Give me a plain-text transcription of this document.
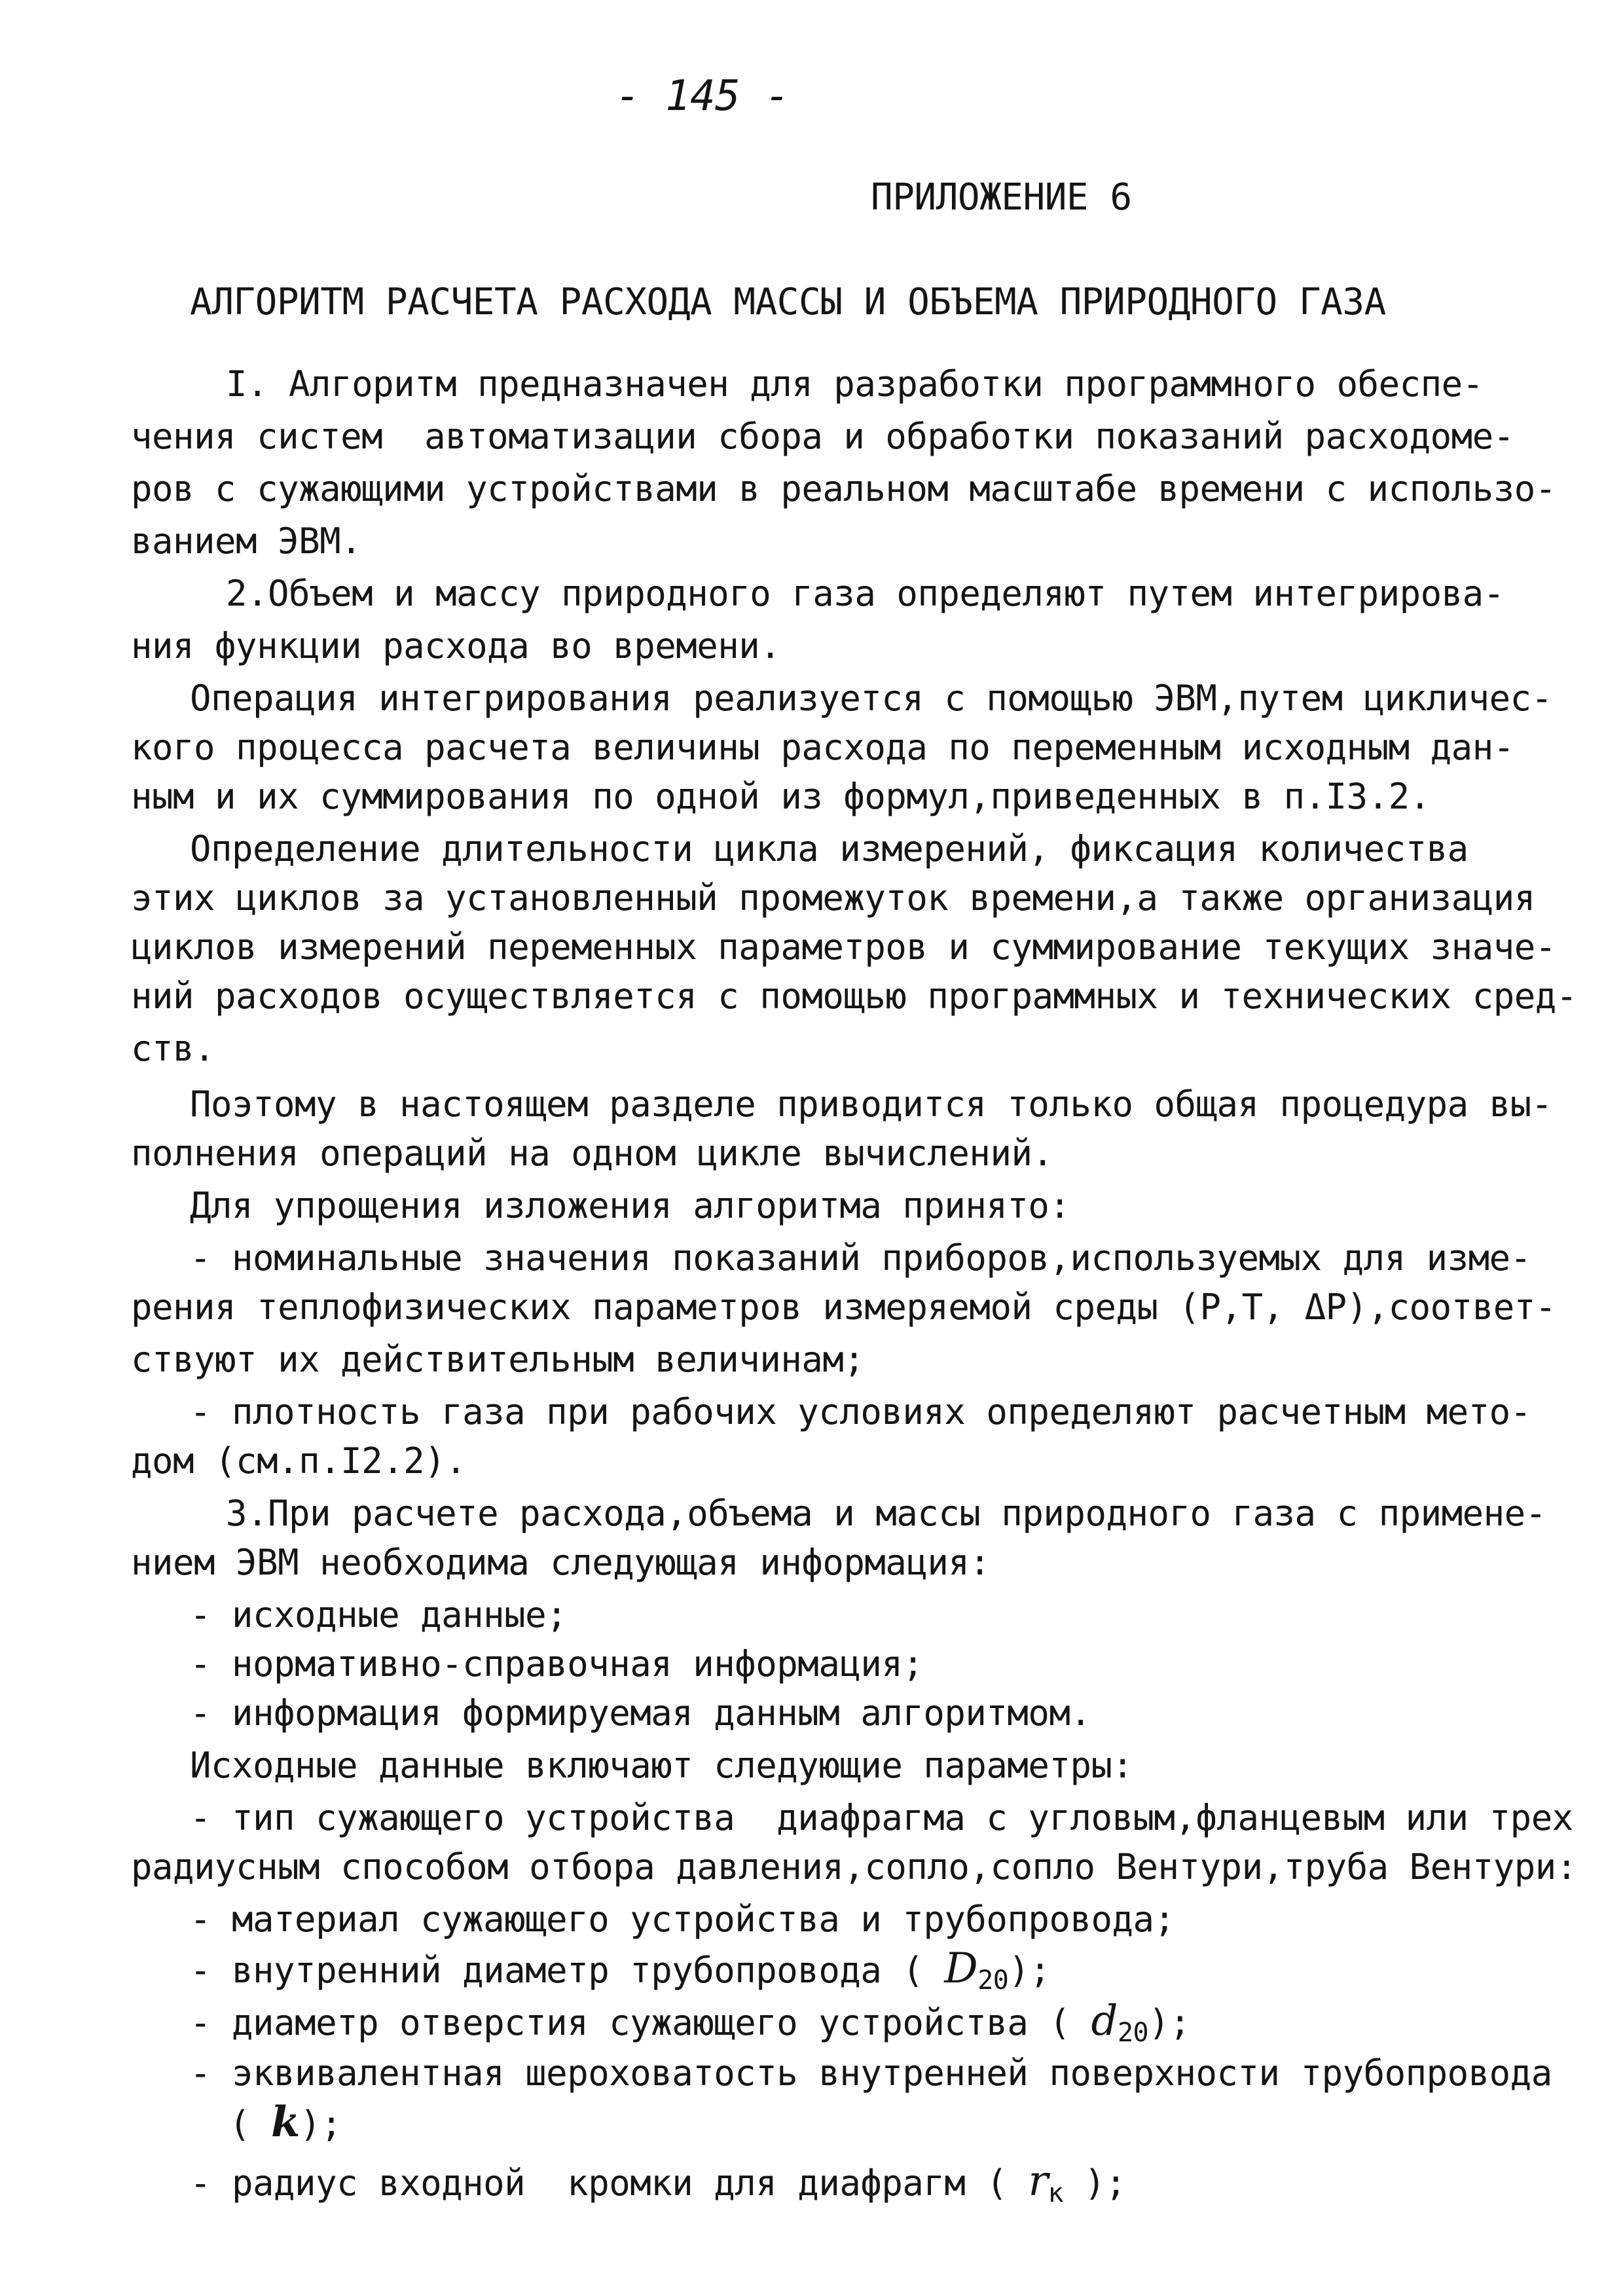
- 145 -
ПРИЛОЖЕНИЕ 6
АЛГОРИТМ РАСЧЕТА РАСХОДА МАССЫ И ОБЪЕМА ПРИРОДНОГО ГАЗА
I. Алгоритм предназначен для разработки программного обеспе-
чения систем  автоматизации сбора и обработки показаний расходоме-
ров с сужающими устройствами в реальном масштабе времени с использо-
ванием ЭВМ.
2.Объем и массу природного газа определяют путем интегрирова-
ния функции расхода во времени.
Операция интегрирования реализуется с помощью ЭВМ,путем цикличес-
кого процесса расчета величины расхода по переменным исходным дан-
ным и их суммирования по одной из формул,приведенных в п.I3.2.
Определение длительности цикла измерений, фиксация количества
этих циклов за установленный промежуток времени,а также организация
циклов измерений переменных параметров и суммирование текущих значе-
ний расходов осуществляется с помощью программных и технических сред-
ств.
Поэтому в настоящем разделе приводится только общая процедура вы-
полнения операций на одном цикле вычислений.
Для упрощения изложения алгоритма принято:
- номинальные значения показаний приборов,используемых для изме-
рения теплофизических параметров измеряемой среды (P,T, ΔP),соответ-
ствуют их действительным величинам;
- плотность газа при рабочих условиях определяют расчетным мето-
дом (см.п.I2.2).
3.При расчете расхода,объема и массы природного газа с примене-
нием ЭВМ необходима следующая информация:
- исходные данные;
- нормативно-справочная информация;
- информация формируемая данным алгоритмом.
Исходные данные включают следующие параметры:
- тип сужающего устройства  диафрагма с угловым,фланцевым или трех
радиусным способом отбора давления,сопло,сопло Вентури,труба Вентури:
- материал сужающего устройства и трубопровода;
- внутренний диаметр трубопровода ( $D_{20}$);
- диаметр отверстия сужающего устройства ( $d_{20}$);
- эквивалентная шероховатость внутренней поверхности трубопровода
( k);
- радиус входной  кромки для диафрагм ( $r_к$ );
